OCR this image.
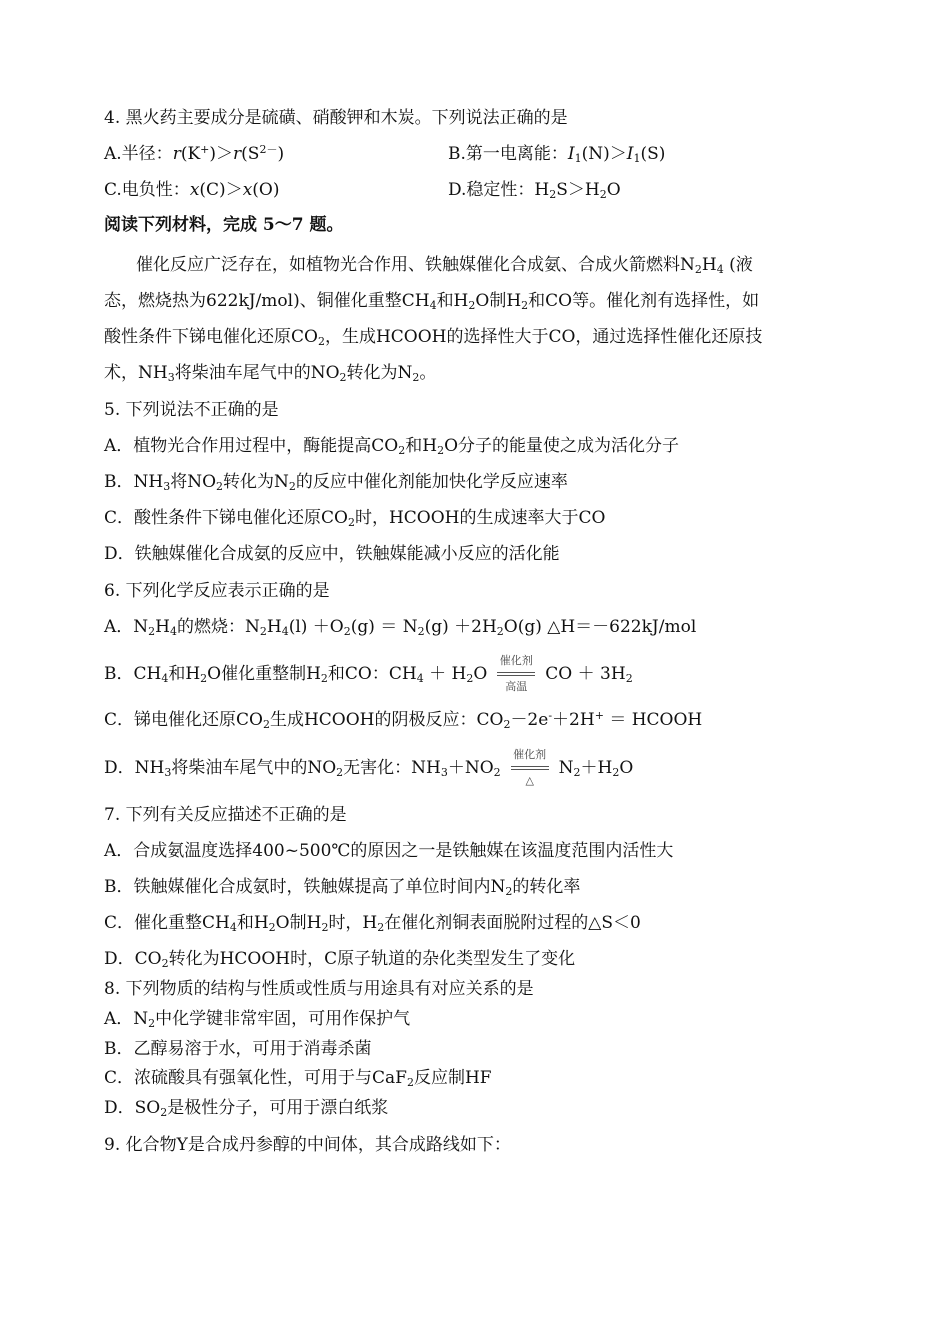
4. 黑火药主要成分是硫磺、硝酸钾和木炭。下列说法正确的是
A.半径：$r(K^+)>r(S^{2-})$	B.第一电离能：$I_1(N)>I_1(S)$
C.电负性：x(C)＞x(O)	D.稳定性：$H_2S>H_2O$
阅读下列材料，完成 5～7 题。
催化反应广泛存在，如植物光合作用、铁触媒催化合成氨、合成火箭燃料$N_2H_4$ (液
态，燃烧热为622kJ/mol)、铜催化重整$CH_4$和$H_2O$制$H_2$和CO等。催化剂有选择性，如
酸性条件下锑电催化还原$CO_2$，生成HCOOH的选择性大于CO，通过选择性催化还原技
术，$NH_3$将柴油车尾气中的$NO_2$转化为$N_2$。
5. 下列说法不正确的是
A．植物光合作用过程中，酶能提高$CO_2$和$H_2O$分子的能量使之成为活化分子
B．$NH_3$将$NO_2$转化为$N_2$的反应中催化剂能加快化学反应速率
C．酸性条件下锑电催化还原$CO_2$时，HCOOH的生成速率大于CO
D．铁触媒催化合成氨的反应中，铁触媒能减小反应的活化能
6. 下列化学反应表示正确的是
A．$N_2H_4$的燃烧：$N_2H_4(l) +O_2(g) = N_2(g) +2H_2O(g)$ △H＝－622kJ/mol
B．$CH_4$和$H_2O$催化重整制$H_2$和CO：$CH_4 + H_2O$
催化剂
高温
CO ＋ $3H_2$
C．锑电催化还原$CO_2$生成HCOOH的阴极反应：$CO_2-2e^-+2H^+$ ＝ HCOOH
D．$NH_3$将柴油车尾气中的$NO_2$无害化：$NH_3+NO_2$
催化剂
△
$N_2+H_2O$
7. 下列有关反应描述不正确的是
A．合成氨温度选择400~500℃的原因之一是铁触媒在该温度范围内活性大
B．铁触媒催化合成氨时，铁触媒提高了单位时间内$N_2$的转化率
C．催化重整$CH_4$和$H_2O$制$H_2$时，$H_2$在催化剂铜表面脱附过程的△S＜0
D．$CO_2$转化为HCOOH时，C原子轨道的杂化类型发生了变化
8. 下列物质的结构与性质或性质与用途具有对应关系的是
A．$N_2$中化学键非常牢固，可用作保护气
B．乙醇易溶于水，可用于消毒杀菌
C．浓硫酸具有强氧化性，可用于与CaF$_2$反应制HF
D．$SO_2$是极性分子，可用于漂白纸浆
9. 化合物Y是合成丹参醇的中间体，其合成路线如下：
